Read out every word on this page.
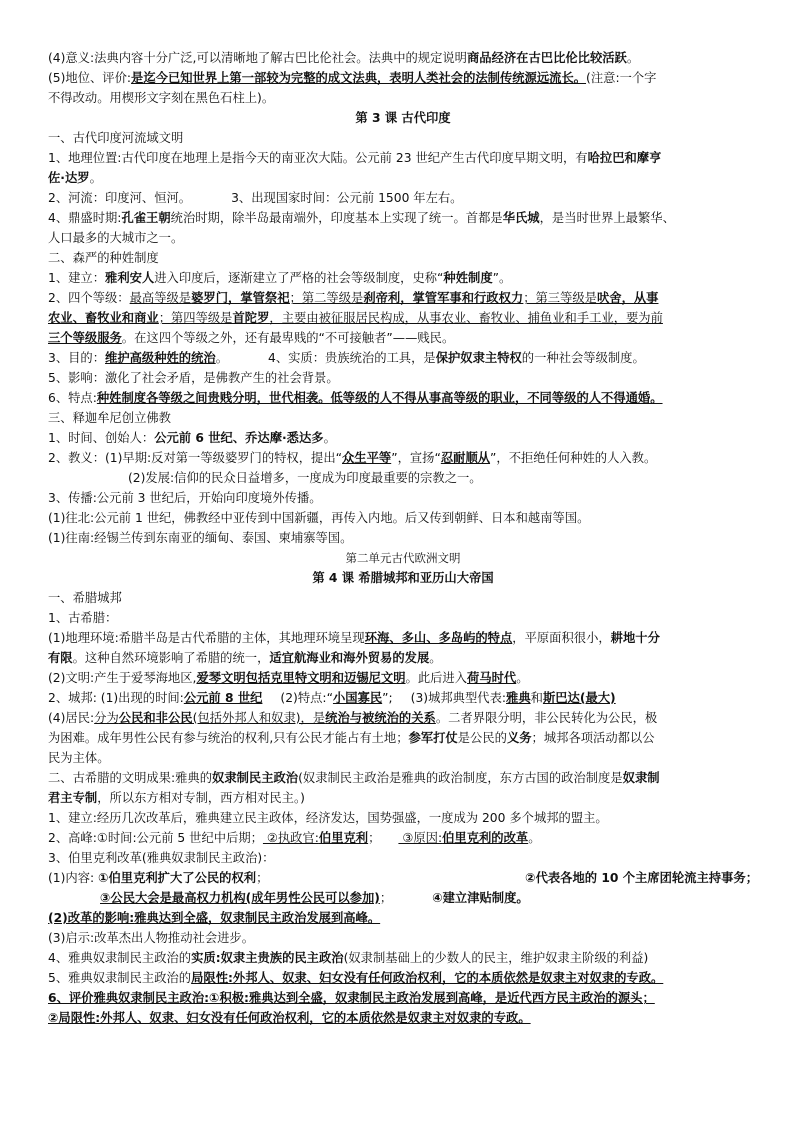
(4)意义:法典内容十分广泛,可以清晰地了解古巴比伦社会。法典中的规定说明商品经济在古巴比伦比较活跃。
(5)地位、评价:是迄今已知世界上第一部较为完整的成文法典，表明人类社会的法制传统源远流长。(注意:一个字
不得改动。用楔形文字刻在黑色石柱上)。
第 3 课 古代印度
一、古代印度河流域文明
1、地理位置:古代印度在地理上是指今天的南亚次大陆。公元前 23 世纪产生古代印度早期文明，有哈拉巴和摩亨
佐·达罗。
2、河流：印度河、恒河。	3、出现国家时间：公元前 1500 年左右。
4、鼎盛时期:孔雀王朝统治时期，除半岛最南端外，印度基本上实现了统一。首都是华氏城，是当时世界上最繁华、
人口最多的大城市之一。
二、森严的种姓制度
1、建立：雅利安人进入印度后，逐渐建立了严格的社会等级制度，史称“种姓制度”。
2、四个等级：最高等级是婆罗门，掌管祭祀；第二等级是刹帝利，掌管军事和行政权力；第三等级是吠舍，从事
农业、畜牧业和商业；第四等级是首陀罗，主要由被征服居民构成，从事农业、畜牧业、捕鱼业和手工业，要为前
三个等级服务。在这四个等级之外，还有最卑贱的“不可接触者”——贱民。
3、目的：维护高级种姓的统治。	4、实质：贵族统治的工具，是保护奴隶主特权的一种社会等级制度。
5、影响：激化了社会矛盾，是佛教产生的社会背景。
6、特点:种姓制度各等级之间贵贱分明，世代相袭。低等级的人不得从事高等级的职业，不同等级的人不得通婚。
三、释迦牟尼创立佛教
1、时间、创始人：公元前 6 世纪、乔达摩·悉达多。
2、教义：(1)早期:反对第一等级婆罗门的特权，提出“众生平等”，宣扬“忍耐顺从”，不拒绝任何种姓的人入教。
(2)发展:信仰的民众日益增多，一度成为印度最重要的宗教之一。
3、传播:公元前 3 世纪后，开始向印度境外传播。
(1)往北:公元前 1 世纪，佛教经中亚传到中国新疆，再传入内地。后又传到朝鲜、日本和越南等国。
(1)往南:经锡兰传到东南亚的缅甸、泰国、柬埔寨等国。
第二单元古代欧洲文明
第 4 课 希腊城邦和亚历山大帝国
一、希腊城邦
1、古希腊：
(1)地理环境:希腊半岛是古代希腊的主体，其地理环境呈现环海、多山、多岛屿的特点，平原面积很小，耕地十分
有限。这种自然环境影响了希腊的统一，适宜航海业和海外贸易的发展。
(2)文明:产生于爱琴海地区,爱琴文明包括克里特文明和迈锡尼文明。此后进入荷马时代。
2、城邦: (1)出现的时间:公元前 8 世纪 (2)特点:“小国寡民”; (3)城邦典型代表:雅典和斯巴达(最大)
(4)居民:分为公民和非公民(包括外邦人和奴隶)，是统治与被统治的关系。二者界限分明，非公民转化为公民，极
为困难。成年男性公民有参与统治的权利,只有公民才能占有土地；参军打仗是公民的义务；城邦各项活动都以公
民为主体。
二、古希腊的文明成果:雅典的奴隶制民主政治(奴隶制民主政治是雅典的政治制度，东方古国的政治制度是奴隶制
君主专制，所以东方相对专制，西方相对民主。)
1、建立:经历几次改革后，雅典建立民主政体，经济发达，国势强盛，一度成为 200 多个城邦的盟主。
2、高峰:①时间:公元前 5 世纪中后期； ②执政官:伯里克利； ③原因:伯里克利的改革。
3、伯里克利改革(雅典奴隶制民主政治)：
(1)内容: ①伯里克利扩大了公民的权利；	②代表各地的 10 个主席团轮流主持事务；
③公民大会是最高权力机构(成年男性公民可以参加)；	④建立津贴制度。
(2)改革的影响:雅典达到全盛，奴隶制民主政治发展到高峰。
(3)启示:改革杰出人物推动社会进步。
4、雅典奴隶制民主政治的实质:奴隶主贵族的民主政治(奴隶制基础上的少数人的民主，维护奴隶主阶级的利益)
5、雅典奴隶制民主政治的局限性:外邦人、奴隶、妇女没有任何政治权利，它的本质依然是奴隶主对奴隶的专政。
6、评价雅典奴隶制民主政治:①积极:雅典达到全盛，奴隶制民主政治发展到高峰，是近代西方民主政治的源头；
②局限性:外邦人、奴隶、妇女没有任何政治权利，它的本质依然是奴隶主对奴隶的专政。
